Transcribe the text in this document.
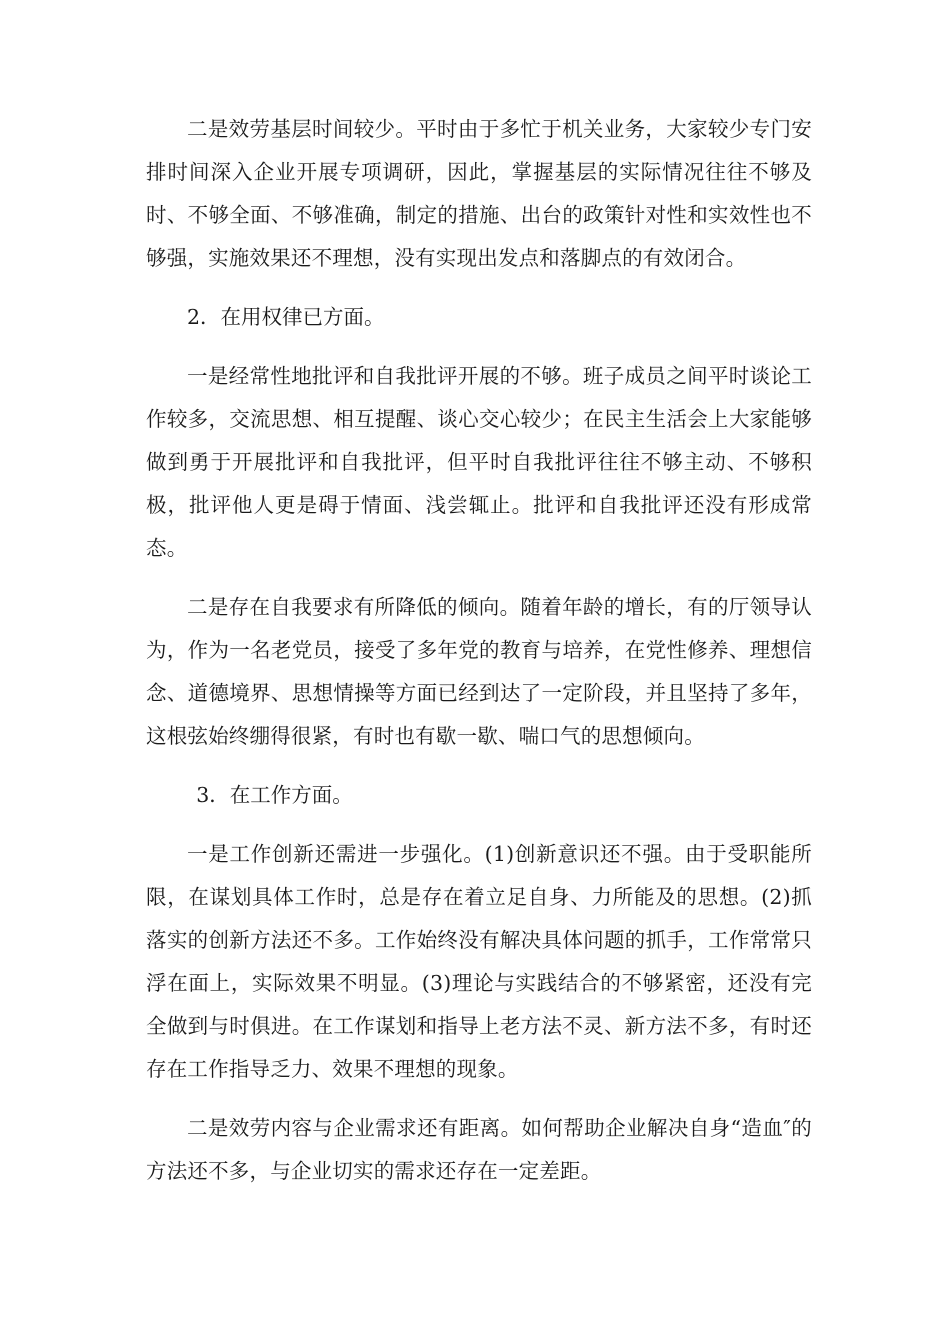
二是效劳基层时间较少。平时由于多忙于机关业务，大家较少专门安排时间深入企业开展专项调研，因此，掌握基层的实际情况往往不够及时、不够全面、不够准确，制定的措施、出台的政策针对性和实效性也不够强，实施效果还不理想，没有实现出发点和落脚点的有效闭合。

2．在用权律已方面。

一是经常性地批评和自我批评开展的不够。班子成员之间平时谈论工作较多，交流思想、相互提醒、谈心交心较少；在民主生活会上大家能够做到勇于开展批评和自我批评，但平时自我批评往往不够主动、不够积极，批评他人更是碍于情面、浅尝辄止。批评和自我批评还没有形成常态。

二是存在自我要求有所降低的倾向。随着年龄的增长，有的厅领导认为，作为一名老党员，接受了多年党的教育与培养，在党性修养、理想信念、道德境界、思想情操等方面已经到达了一定阶段，并且坚持了多年，这根弦始终绷得很紧，有时也有歇一歇、喘口气的思想倾向。

3．在工作方面。

一是工作创新还需进一步强化。(1)创新意识还不强。由于受职能所限，在谋划具体工作时，总是存在着立足自身、力所能及的思想。(2)抓落实的创新方法还不多。工作始终没有解决具体问题的抓手，工作常常只浮在面上，实际效果不明显。(3)理论与实践结合的不够紧密，还没有完全做到与时俱进。在工作谋划和指导上老方法不灵、新方法不多，有时还存在工作指导乏力、效果不理想的现象。

二是效劳内容与企业需求还有距离。如何帮助企业解决自身“造血″的方法还不多，与企业切实的需求还存在一定差距。
